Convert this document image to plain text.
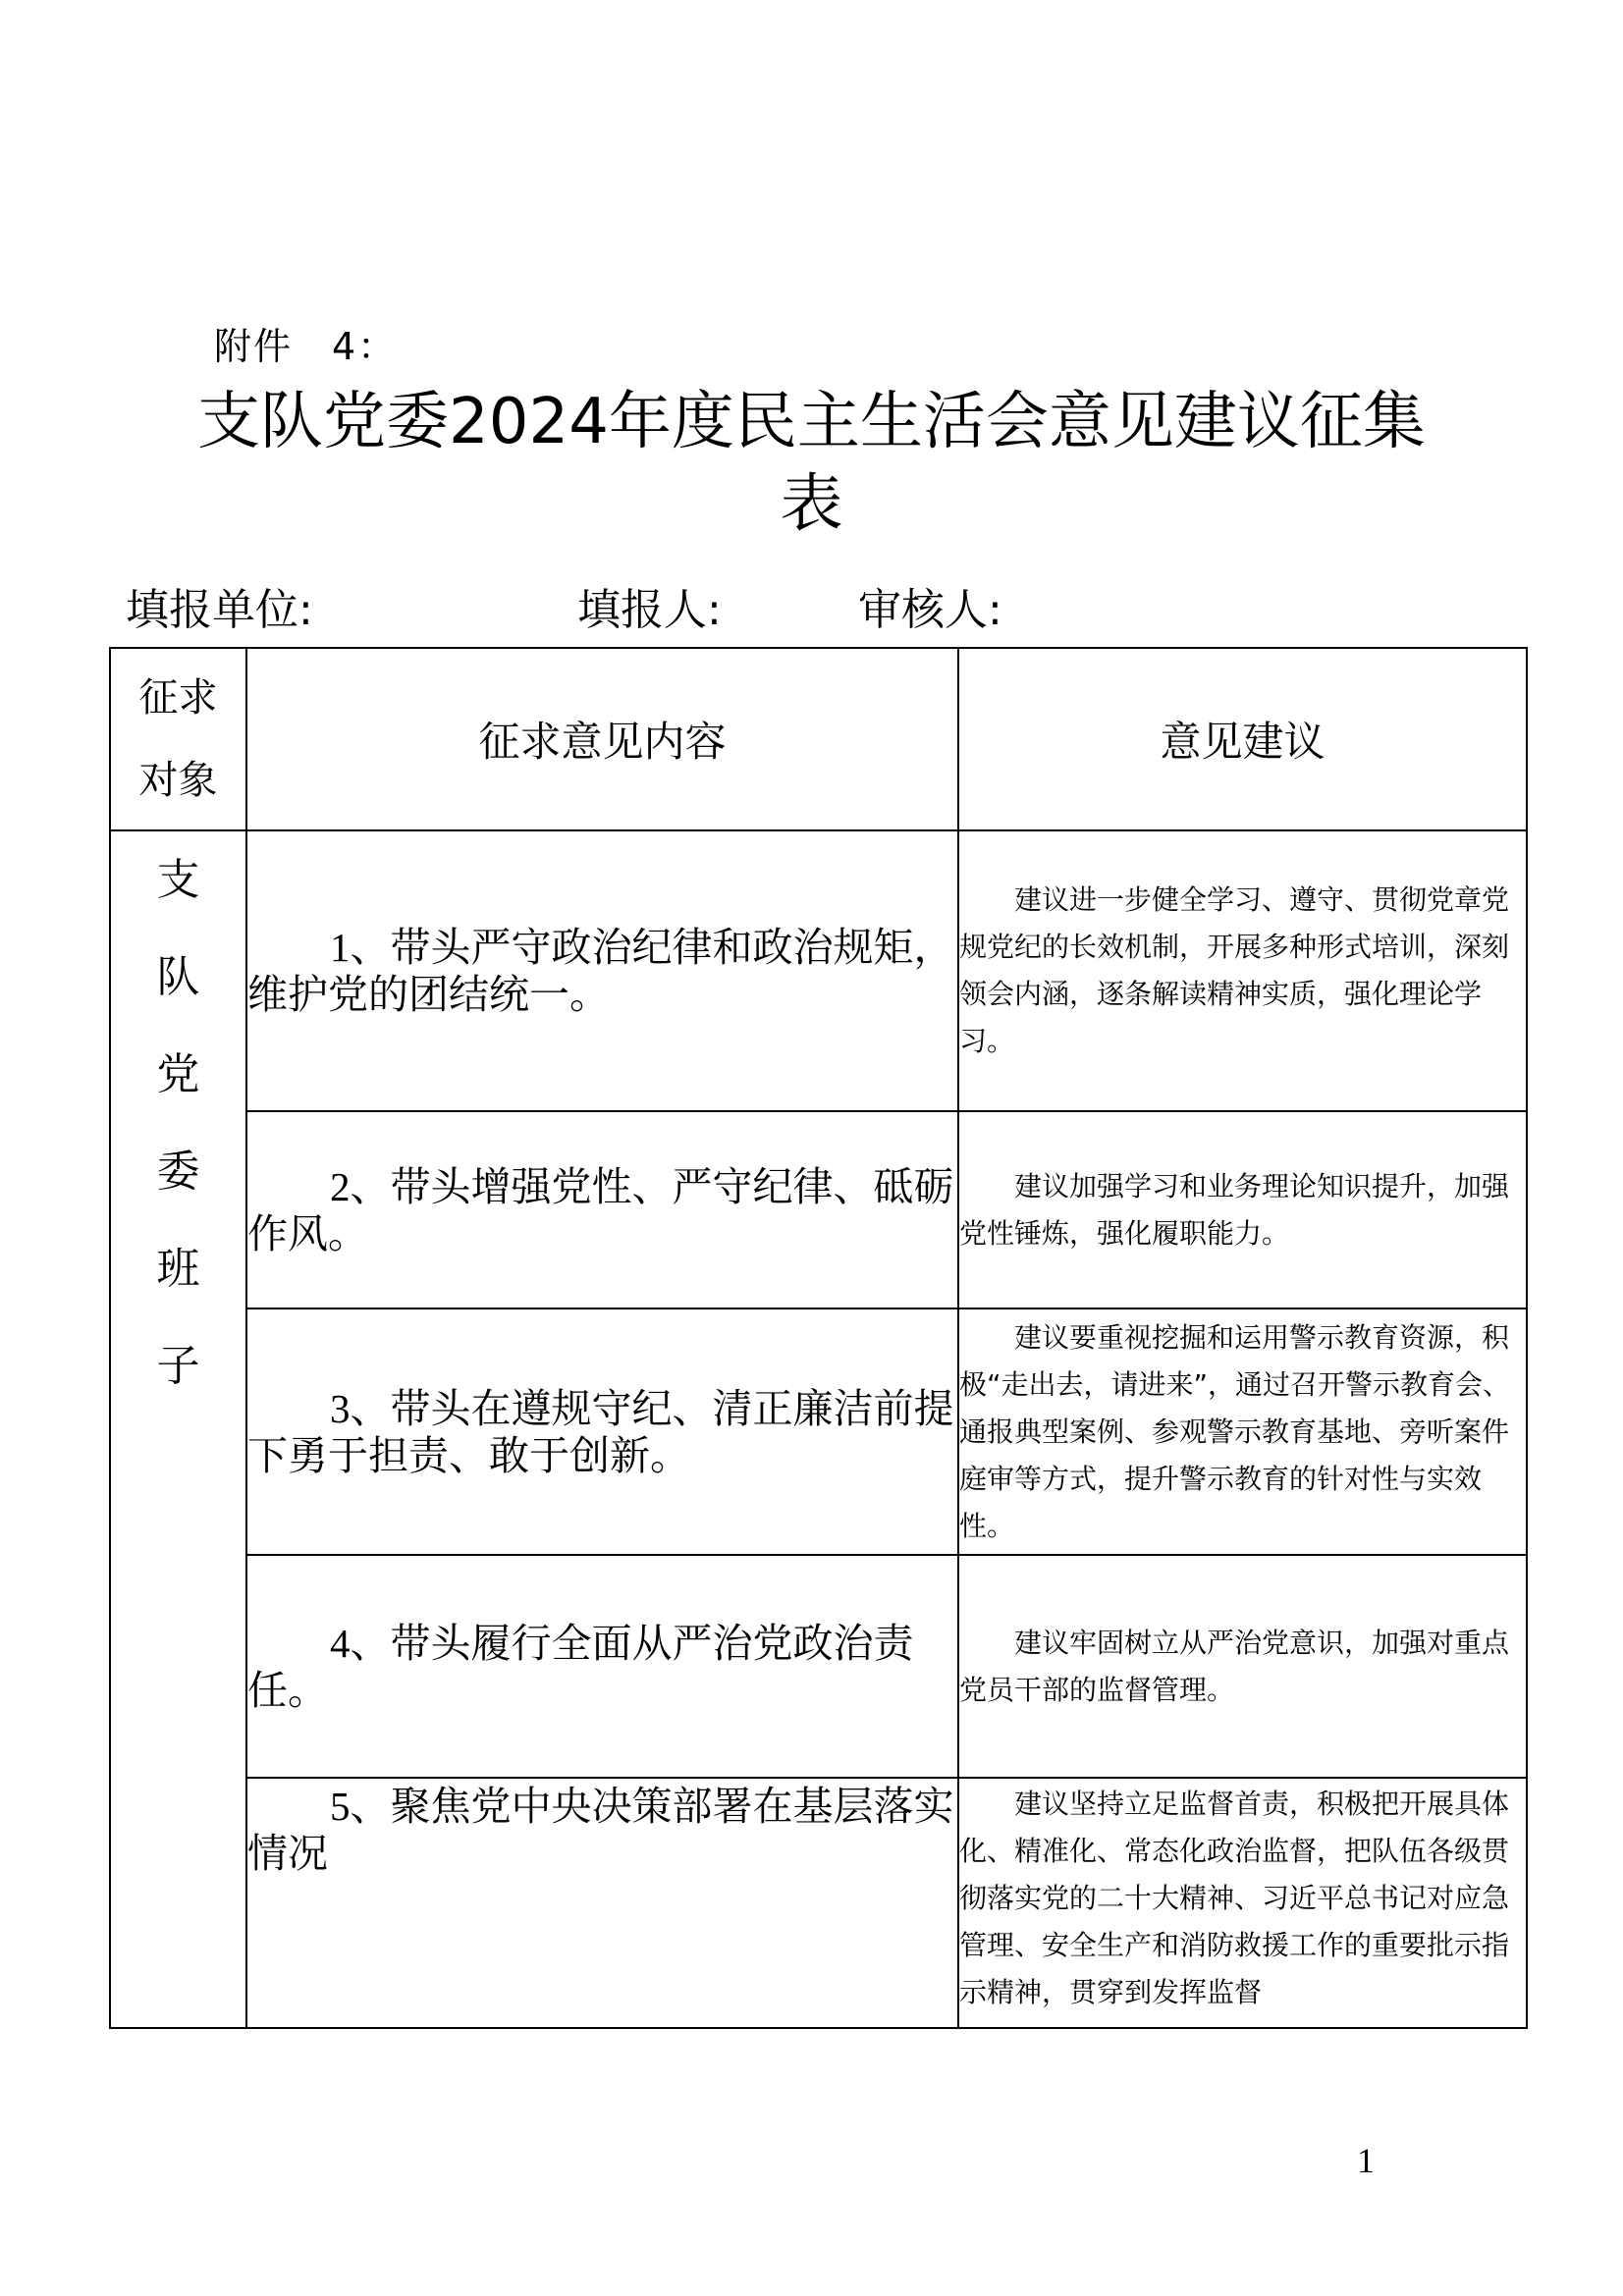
附件　4：
支队党委2024年度民主生活会意见建议征集
表
填报单位:	填报人:	审核人:
征求
对象	征求意见内容	意见建议

支
队
党
委
班
子
	1、带头严守政治纪律和政治规矩，维护党的团结统一。	建议进一步健全学习、遵守、贯彻党章党规党纪的长效机制，开展多种形式培训，深刻领会内涵，逐条解读精神实质，强化理论学习。
	2、带头增强党性、严守纪律、砥砺作风。	建议加强学习和业务理论知识提升，加强党性锤炼，强化履职能力。
	3、带头在遵规守纪、清正廉洁前提下勇于担责、敢于创新。	建议要重视挖掘和运用警示教育资源，积极“走出去，请进来”，通过召开警示教育会、通报典型案例、参观警示教育基地、旁听案件庭审等方式，提升警示教育的针对性与实效性。
	4、带头履行全面从严治党政治责任。	建议牢固树立从严治党意识，加强对重点党员干部的监督管理。
	5、聚焦党中央决策部署在基层落实情况	建议坚持立足监督首责，积极把开展具体化、精准化、常态化政治监督，把队伍各级贯彻落实党的二十大精神、习近平总书记对应急管理、安全生产和消防救援工作的重要批示指示精神，贯穿到发挥监督
1
